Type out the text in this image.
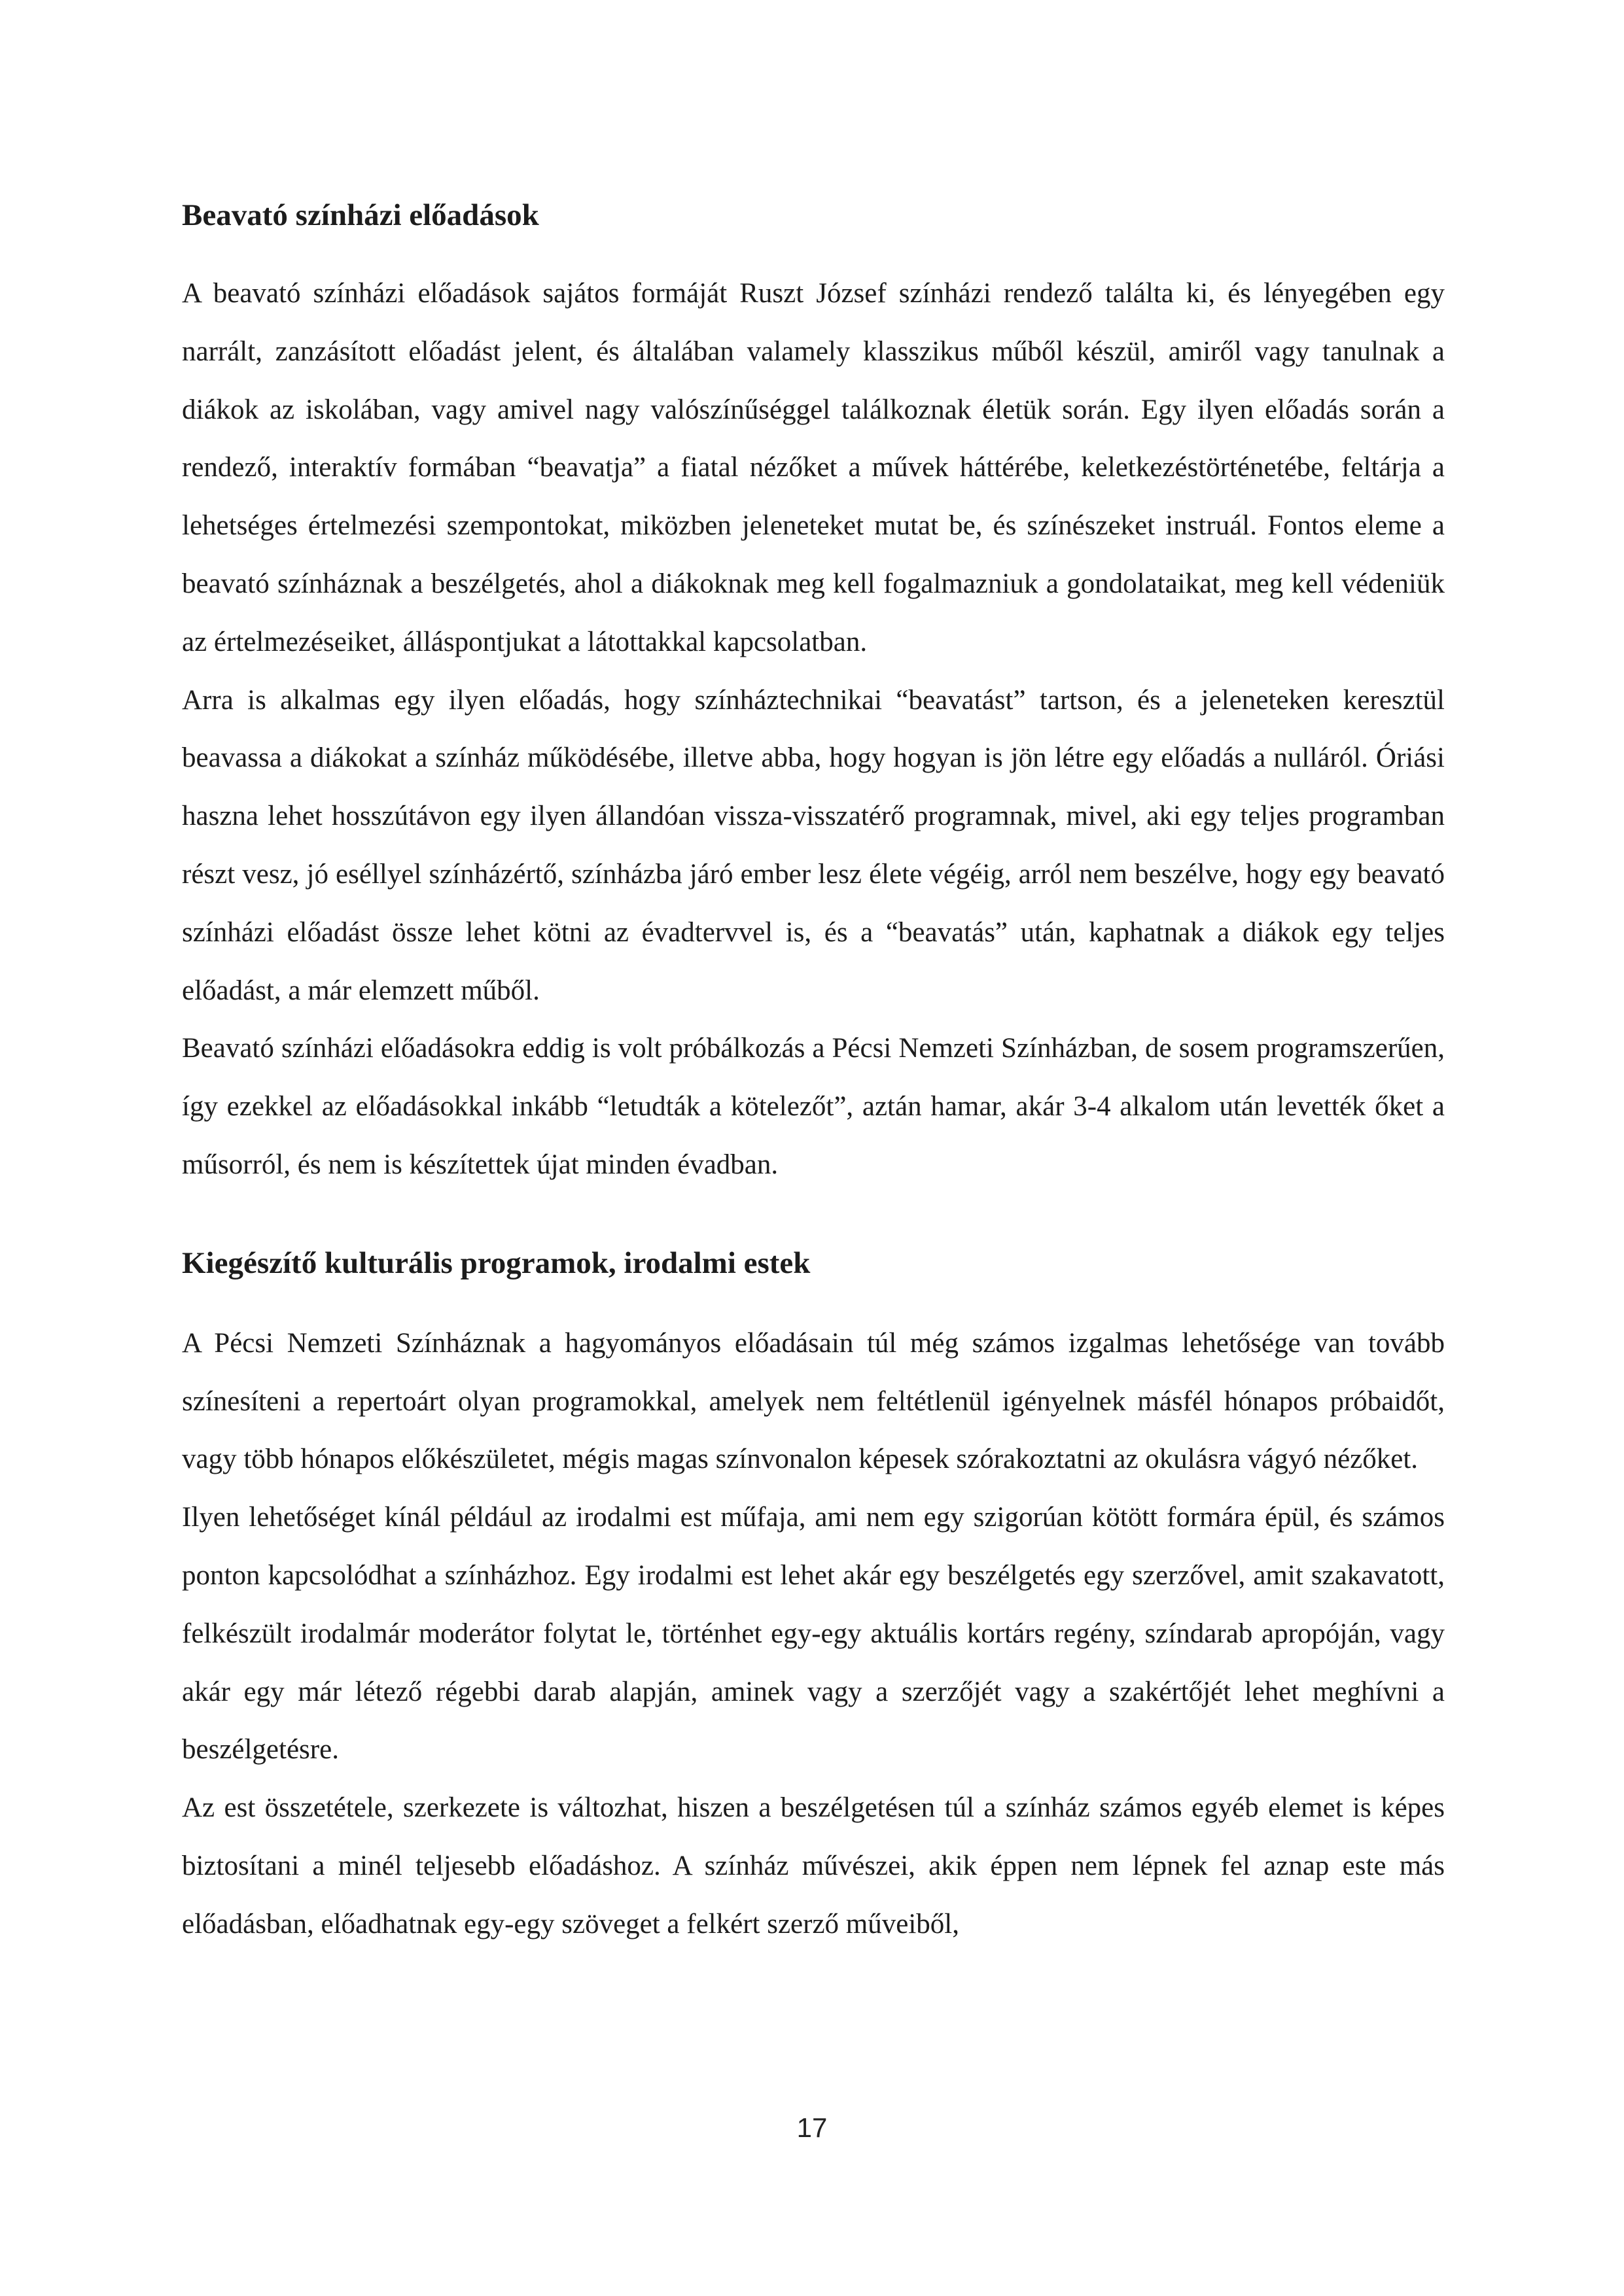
Beavató színházi előadások

A beavató színházi előadások sajátos formáját Ruszt József színházi rendező találta ki, és lényegében egy narrált, zanzásított előadást jelent, és általában valamely klasszikus műből készül, amiről vagy tanulnak a diákok az iskolában, vagy amivel nagy valószínűséggel találkoznak életük során. Egy ilyen előadás során a rendező, interaktív formában “beavatja” a fiatal nézőket a művek háttérébe, keletkezéstörténetébe, feltárja a lehetséges értelmezési szempontokat, miközben jeleneteket mutat be, és színészeket instruál. Fontos eleme a beavató színháznak a beszélgetés, ahol a diákoknak meg kell fogalmazniuk a gondolataikat, meg kell védeniük az értelmezéseiket, álláspontjukat a látottakkal kapcsolatban.

Arra is alkalmas egy ilyen előadás, hogy színháztechnikai “beavatást” tartson, és a jeleneteken keresztül beavassa a diákokat a színház működésébe, illetve abba, hogy hogyan is jön létre egy előadás a nulláról. Óriási haszna lehet hosszútávon egy ilyen állandóan vissza-visszatérő programnak, mivel, aki egy teljes programban részt vesz, jó eséllyel színházértő, színházba járó ember lesz élete végéig, arról nem beszélve, hogy egy beavató színházi előadást össze lehet kötni az évadtervvel is, és a “beavatás” után, kaphatnak a diákok egy teljes előadást, a már elemzett műből.

Beavató színházi előadásokra eddig is volt próbálkozás a Pécsi Nemzeti Színházban, de sosem programszerűen, így ezekkel az előadásokkal inkább “letudták a kötelezőt”, aztán hamar, akár 3-4 alkalom után levették őket a műsorról, és nem is készítettek újat minden évadban.

Kiegészítő kulturális programok, irodalmi estek

A Pécsi Nemzeti Színháznak a hagyományos előadásain túl még számos izgalmas lehetősége van tovább színesíteni a repertoárt olyan programokkal, amelyek nem feltétlenül igényelnek másfél hónapos próbaidőt, vagy több hónapos előkészületet, mégis magas színvonalon képesek szórakoztatni az okulásra vágyó nézőket.

Ilyen lehetőséget kínál például az irodalmi est műfaja, ami nem egy szigorúan kötött formára épül, és számos ponton kapcsolódhat a színházhoz. Egy irodalmi est lehet akár egy beszélgetés egy szerzővel, amit szakavatott, felkészült irodalmár moderátor folytat le, történhet egy-egy aktuális kortárs regény, színdarab apropóján, vagy akár egy már létező régebbi darab alapján, aminek vagy a szerzőjét vagy a szakértőjét lehet meghívni a beszélgetésre.

Az est összetétele, szerkezete is változhat, hiszen a beszélgetésen túl a színház számos egyéb elemet is képes biztosítani a minél teljesebb előadáshoz. A színház művészei, akik éppen nem lépnek fel aznap este más előadásban, előadhatnak egy-egy szöveget a felkért szerző műveiből,

17
